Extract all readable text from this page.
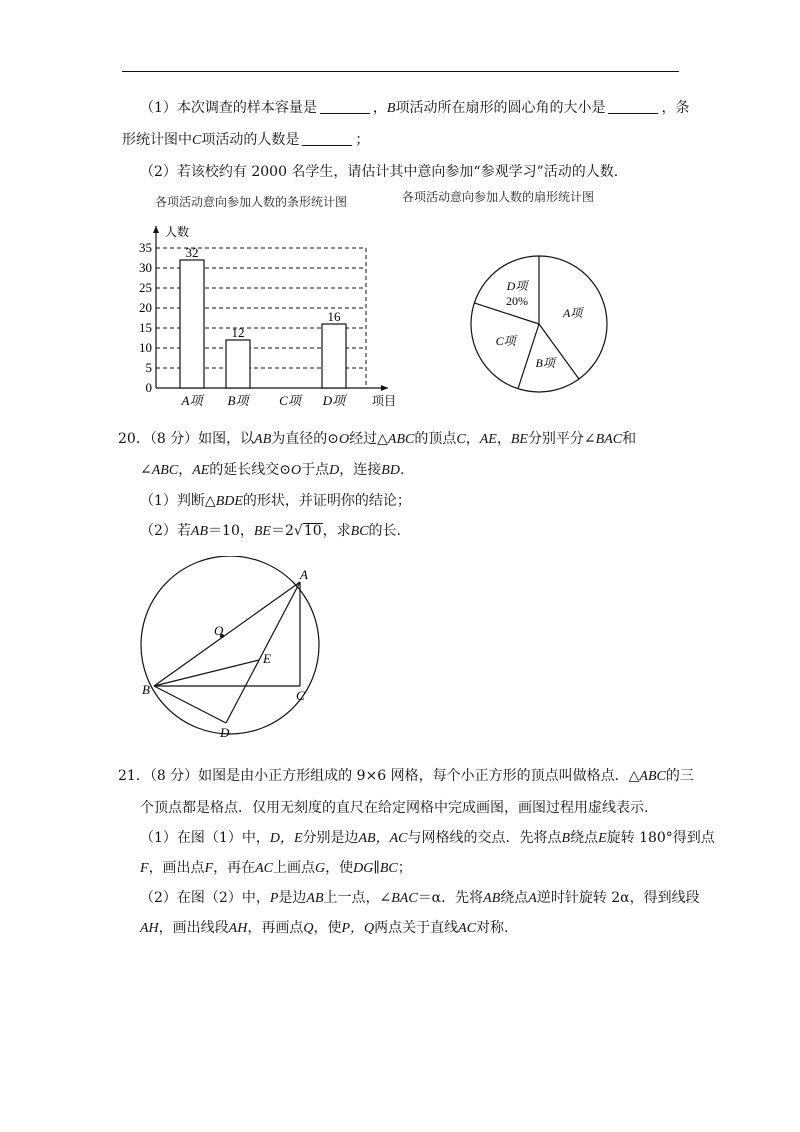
（1）本次调查的样本容量是	，B项活动所在扇形的圆心角的大小是	，条
形统计图中C项活动的人数是	；
（2）若该校约有 2000 名学生，请估计其中意向参加“参观学习”活动的人数.
各项活动意向参加人数的条形统计图	各项活动意向参加人数的扇形统计图
0
5
10
15
20
25
30
35
人数
项目
32
A项
12
B项 C项
16
D项
A项
B项
C项
D项
20%
20．（8 分）如图，以AB为直径的⊙O经过△ABC的顶点C，AE，BE分别平分∠BAC和
∠ABC，AE的延长线交⊙O于点D，连接BD.
（1）判断△BDE的形状，并证明你的结论；
（2）若AB＝10，BE＝2√10，求BC的长.
A
O
E
B	C
D
21．（8 分）如图是由小正方形组成的 9×6 网格，每个小正方形的顶点叫做格点．△ABC的三
个顶点都是格点．仅用无刻度的直尺在给定网格中完成画图，画图过程用虚线表示.
（1）在图（1）中，D，E分别是边AB，AC与网格线的交点．先将点B绕点E旋转 180°得到点
F，画出点F，再在AC上画点G，使DG∥BC；
（2）在图（2）中，P是边AB上一点，∠BAC＝α．先将AB绕点A逆时针旋转 2α，得到线段
AH，画出线段AH，再画点Q，使P，Q两点关于直线AC对称.
